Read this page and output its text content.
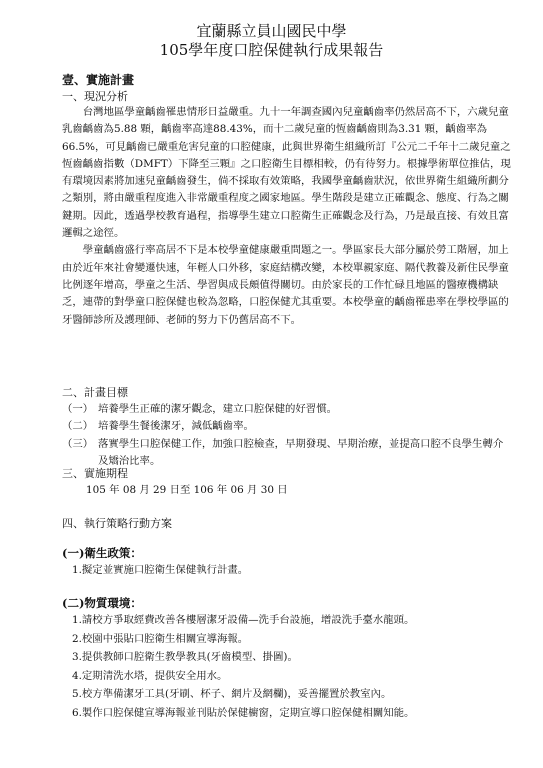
宜蘭縣立員山國民中學
105學年度口腔保健執行成果報告
壹、實施計畫
一、現況分析

台灣地區學童齲齒罹患情形日益嚴重。九十一年調查國內兒童齲齒率仍然居高不下，六歲兒童乳齒齲齒為5.88 顆，齲齒率高達88.43%，而十二歲兒童的恆齒齲齒則為3.31 顆，齲齒率為66.5%，可見齲齒已嚴重危害兒童的口腔健康，此與世界衛生組織所訂『公元二千年十二歲兒童之恆齒齲齒指數（DMFT）下降至三顆』之口腔衛生目標相較，仍有待努力。根據學術單位推估，現有環境因素將加速兒童齲齒發生，倘不採取有效策略，我國學童齲齒狀況，依世界衛生組織所劃分之類別，將由嚴重程度進入非常嚴重程度之國家地區。學生階段是建立正確觀念、態度、行為之關鍵期。因此，透過學校教育過程，指導學生建立口腔衛生正確觀念及行為，乃是最直接、有效且富邏輯之途徑。

學童齲齒盛行率高居不下是本校學童健康嚴重問題之一。學區家長大部分屬於勞工階層，加上由於近年來社會變遷快速，年輕人口外移，家庭結構改變，本校單親家庭、隔代教養及新住民學童比例逐年增高，學童之生活、學習與成長頗值得關切。由於家長的工作忙碌且地區的醫療機構缺乏，連帶的對學童口腔保健也較為忽略，口腔保健尤其重要。本校學童的齲齒罹患率在學校學區的牙醫師診所及護理師、老師的努力下仍舊居高不下。

二、計畫目標
（一） 培養學生正確的潔牙觀念，建立口腔保健的好習慣。
（二） 培養學生餐後潔牙，減低齲齒率。
（三） 落實學生口腔保健工作，加強口腔檢查，早期發現、早期治療，並提高口腔不良學生轉介及矯治比率。
三、實施期程
105 年 08 月 29 日至 106 年 06 月 30 日
四、執行策略行動方案
(一)衛生政策：
1.擬定並實施口腔衛生保健執行計畫。
(二)物質環境：
1.請校方爭取經費改善各樓層潔牙設備—洗手台設施，增設洗手臺水龍頭。
2.校園中張貼口腔衛生相關宣導海報。
3.提供教師口腔衛生教學教具(牙齒模型、掛圖)。
4.定期清洗水塔，提供安全用水。
5.校方準備潔牙工具(牙刷、杯子、網片及網欄)，妥善擺置於教室內。
6.製作口腔保健宣導海報並刊貼於保健櫥窗，定期宣導口腔保健相關知能。
